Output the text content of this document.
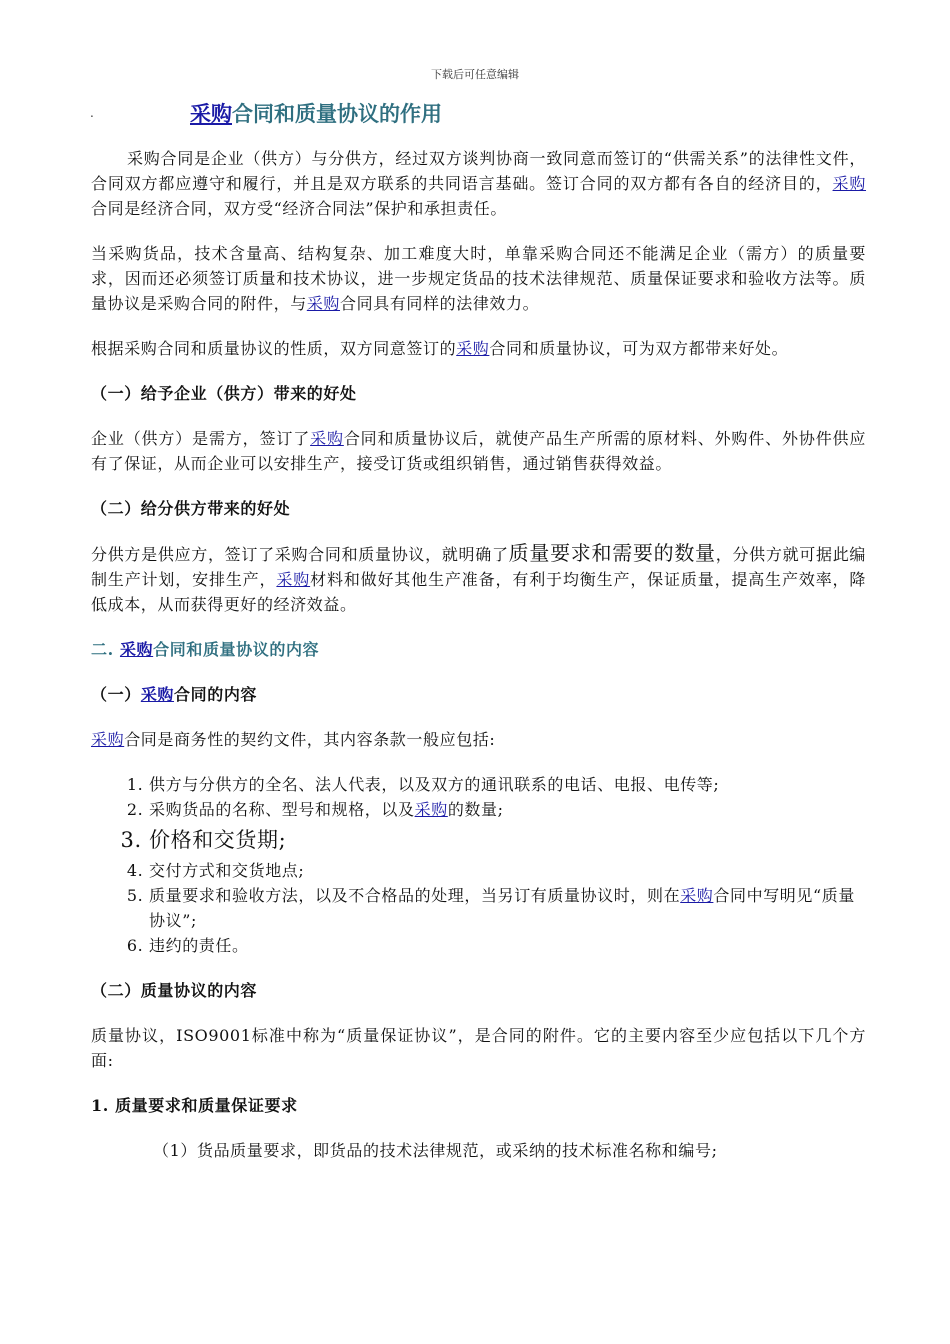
下载后可任意编辑
.	采购合同和质量协议的作用

采购合同是企业（供方）与分供方，经过双方谈判协商一致同意而签订的“供需关系”的法律性文件，合同双方都应遵守和履行，并且是双方联系的共同语言基础。签订合同的双方都有各自的经济目的，采购合同是经济合同，双方受“经济合同法”保护和承担责任。

当采购货品，技术含量高、结构复杂、加工难度大时，单靠采购合同还不能满足企业（需方）的质量要求，因而还必须签订质量和技术协议，进一步规定货品的技术法律规范、质量保证要求和验收方法等。质量协议是采购合同的附件，与采购合同具有同样的法律效力。

根据采购合同和质量协议的性质，双方同意签订的采购合同和质量协议，可为双方都带来好处。

（一）给予企业（供方）带来的好处

企业（供方）是需方，签订了采购合同和质量协议后，就使产品生产所需的原材料、外购件、外协件供应有了保证，从而企业可以安排生产，接受订货或组织销售，通过销售获得效益。

（二）给分供方带来的好处

分供方是供应方，签订了采购合同和质量协议，就明确了质量要求和需要的数量，分供方就可据此编制生产计划，安排生产，采购材料和做好其他生产准备，有利于均衡生产，保证质量，提高生产效率，降低成本，从而获得更好的经济效益。

二. 采购合同和质量协议的内容
（一）采购合同的内容

采购合同是商务性的契约文件，其内容条款一般应包括:

1. 供方与分供方的全名、法人代表，以及双方的通讯联系的电话、电报、电传等;
2. 采购货品的名称、型号和规格，以及采购的数量;
3. 价格和交货期;
4. 交付方式和交货地点;
5. 质量要求和验收方法，以及不合格品的处理，当另订有质量协议时，则在采购合同中写明见“质量协议”;
6. 违约的责任。
（二）质量协议的内容

质量协议，ISO9001标准中称为“质量保证协议”，是合同的附件。它的主要内容至少应包括以下几个方面:

1. 质量要求和质量保证要求
（1）货品质量要求，即货品的技术法律规范，或采纳的技术标准名称和编号;
